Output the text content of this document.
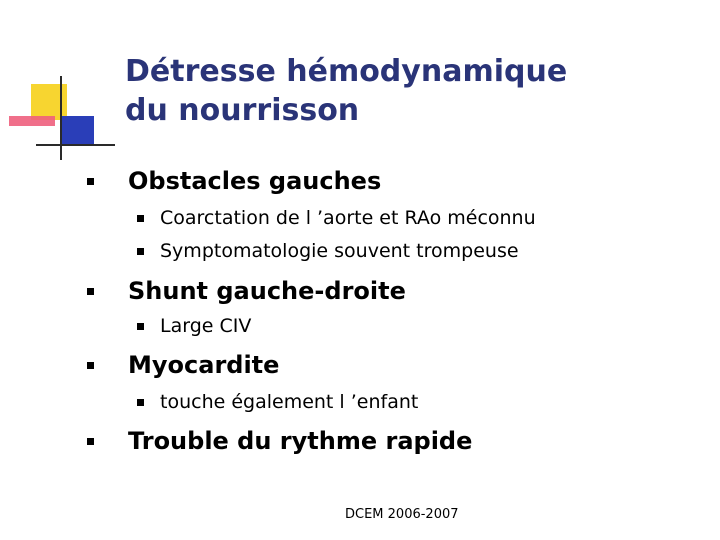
Détresse hémodynamique
du nourrisson
Obstacles gauches
Coarctation de l ’aorte et RAo méconnu
Symptomatologie souvent trompeuse
Shunt gauche-droite
Large CIV
Myocardite
touche également l ’enfant
Trouble du rythme rapide
DCEM 2006-2007
